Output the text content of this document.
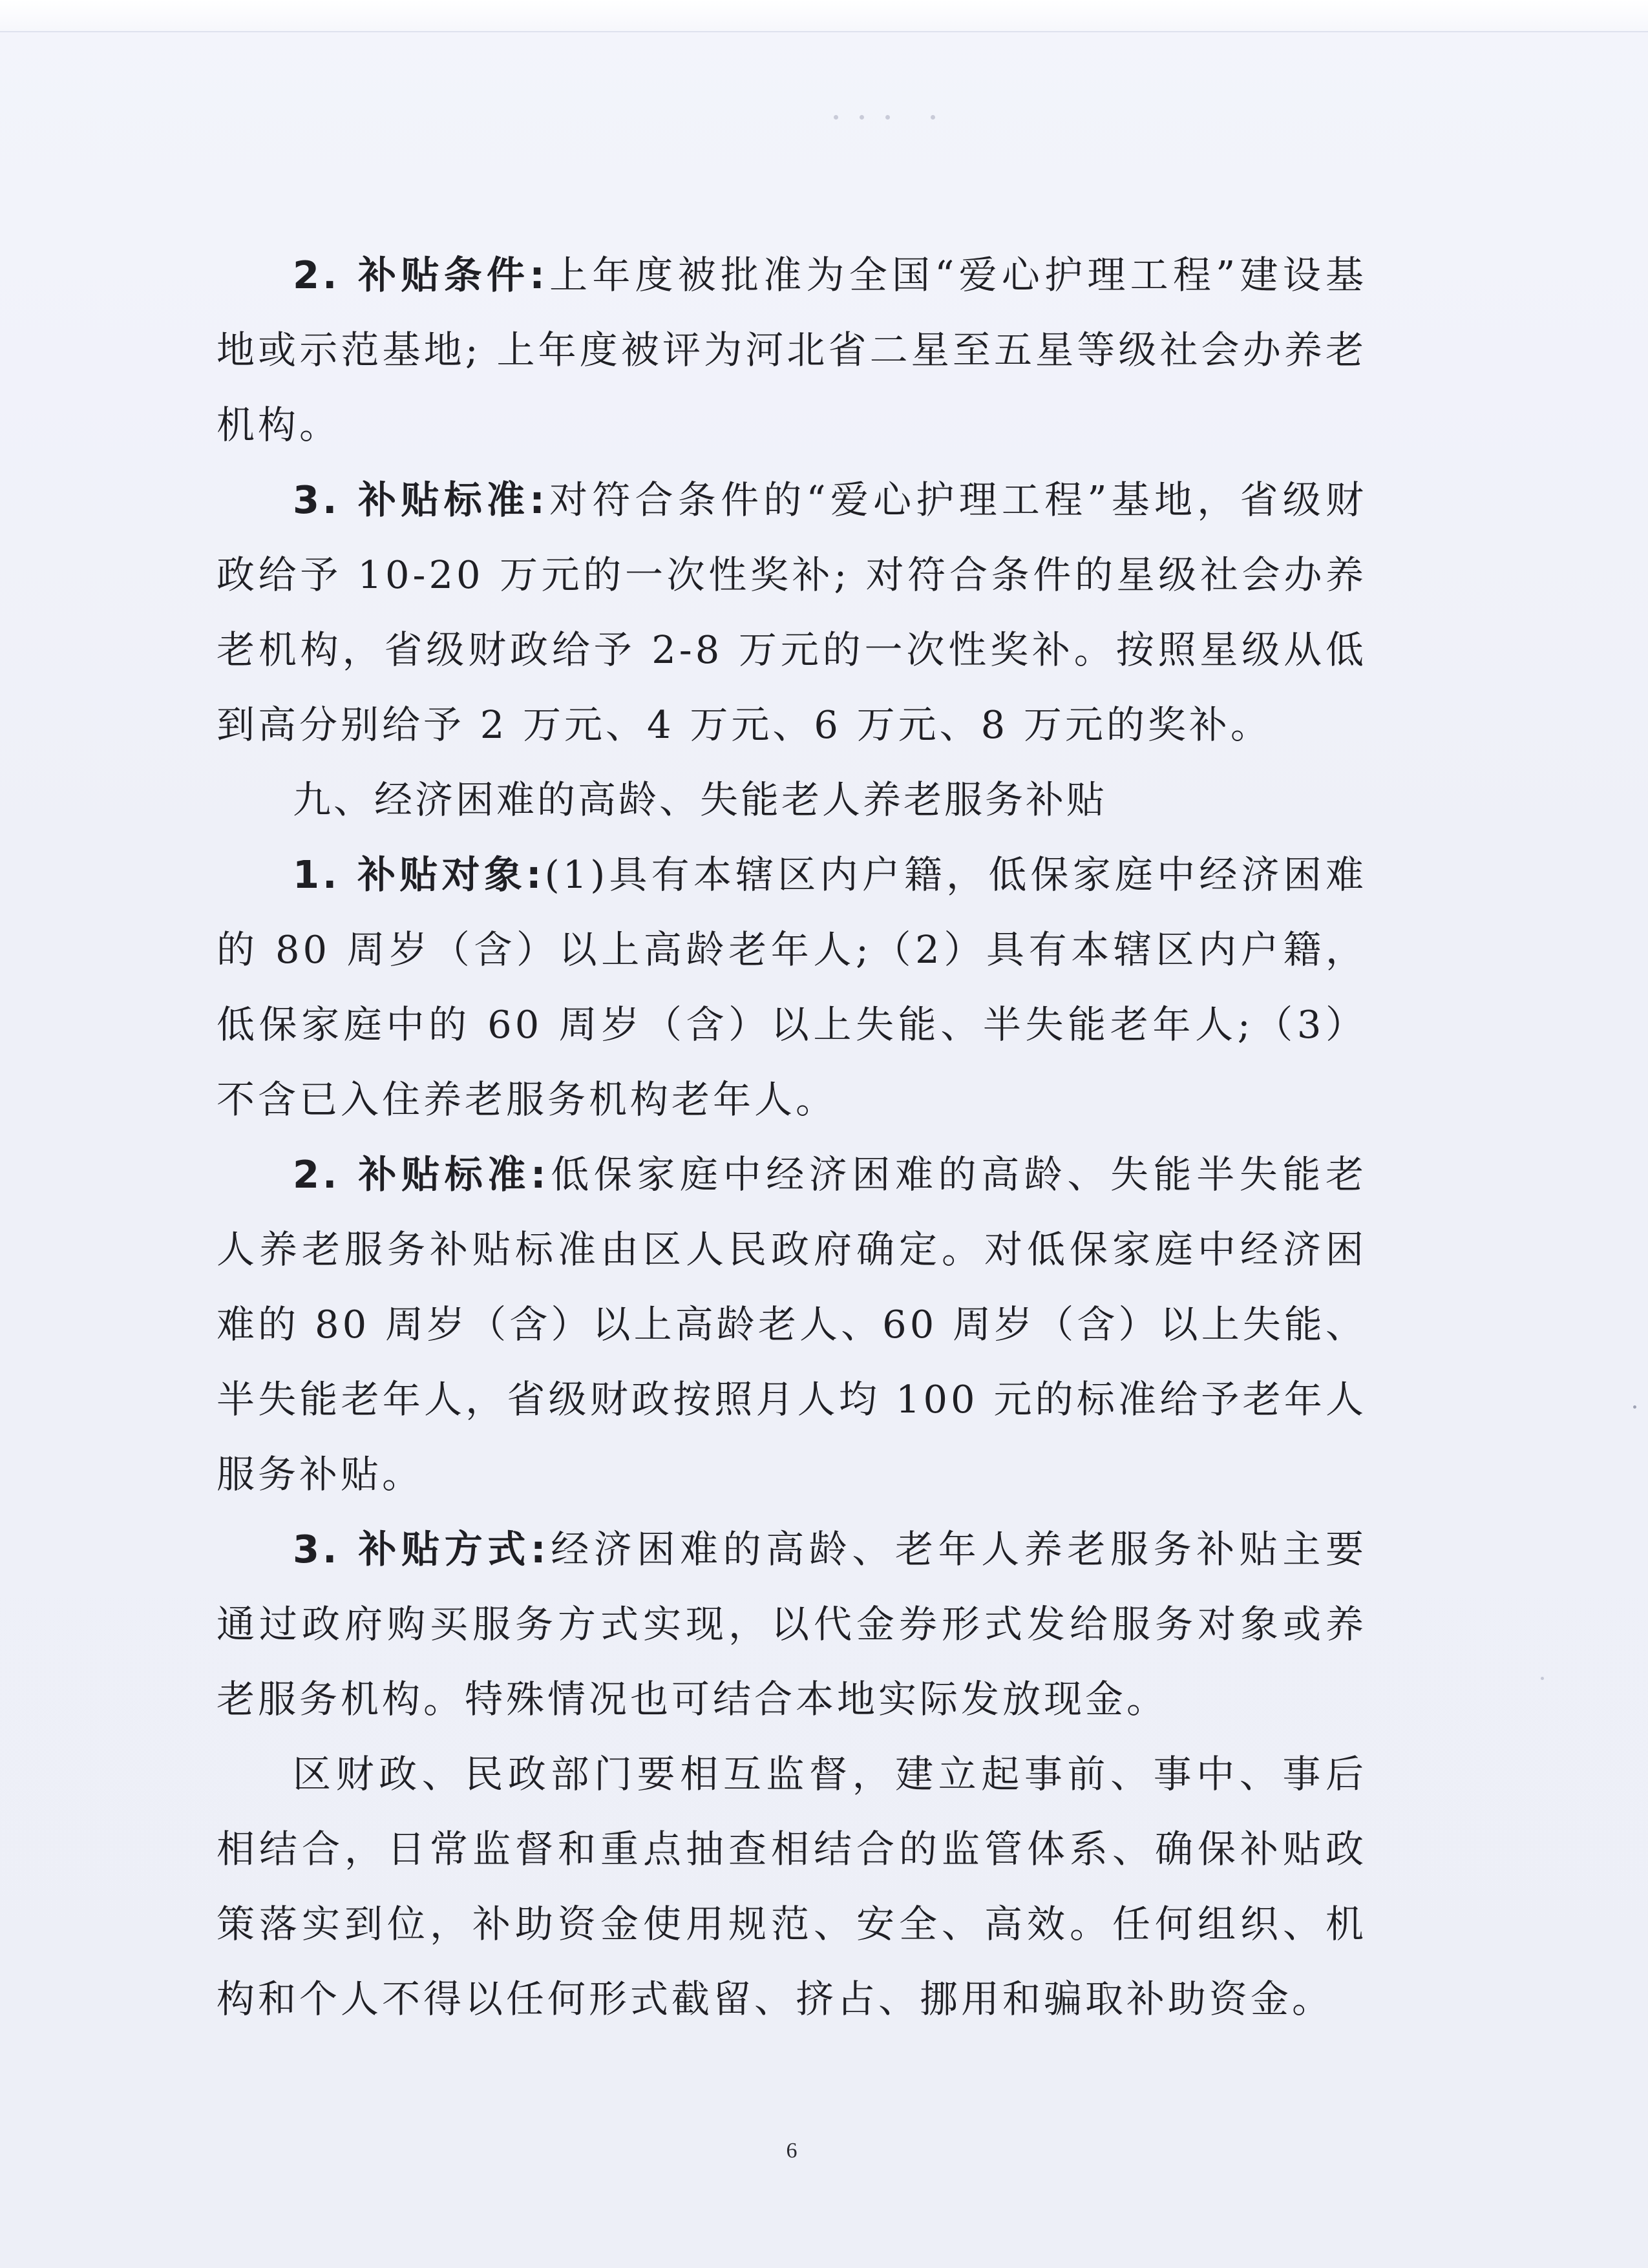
2. 补贴条件:上年度被批准为全国“爱心护理工程”建设基地或示范基地; 上年度被评为河北省二星至五星等级社会办养老机构。

3. 补贴标准:对符合条件的“爱心护理工程”基地，省级财政给予 10-20 万元的一次性奖补; 对符合条件的星级社会办养老机构，省级财政给予 2-8 万元的一次性奖补。按照星级从低到高分别给予 2 万元、4 万元、6 万元、8 万元的奖补。

九、经济困难的高龄、失能老人养老服务补贴

1. 补贴对象:(1)具有本辖区内户籍，低保家庭中经济困难的 80 周岁（含）以上高龄老年人;（2）具有本辖区内户籍，低保家庭中的 60 周岁（含）以上失能、半失能老年人;（3）不含已入住养老服务机构老年人。

2. 补贴标准:低保家庭中经济困难的高龄、失能半失能老人养老服务补贴标准由区人民政府确定。对低保家庭中经济困难的 80 周岁（含）以上高龄老人、60 周岁（含）以上失能、半失能老年人，省级财政按照月人均 100 元的标准给予老年人服务补贴。

3. 补贴方式:经济困难的高龄、老年人养老服务补贴主要通过政府购买服务方式实现，以代金券形式发给服务对象或养老服务机构。特殊情况也可结合本地实际发放现金。

区财政、民政部门要相互监督，建立起事前、事中、事后相结合，日常监督和重点抽查相结合的监管体系、确保补贴政策落实到位，补助资金使用规范、安全、高效。任何组织、机构和个人不得以任何形式截留、挤占、挪用和骗取补助资金。

6
